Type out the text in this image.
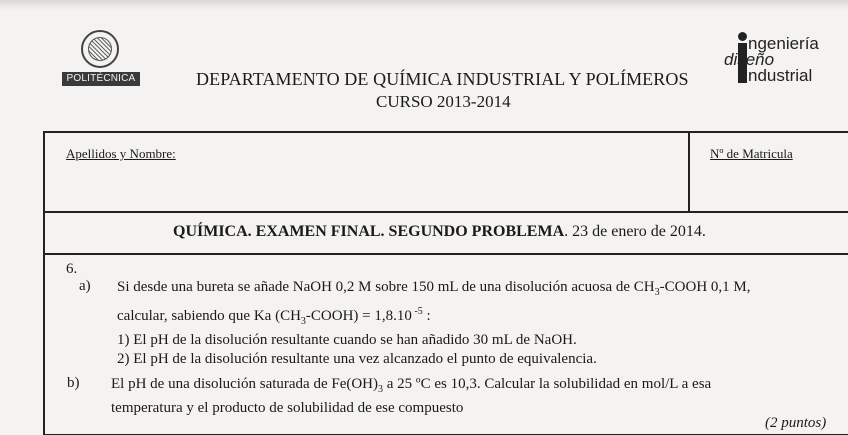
POLITÉCNICA	DEPARTAMENTO DE QUÍMICA INDUSTRIAL Y POLÍMEROS
CURSO 2013-2014
ngeniería
diseño
ndustrial
Apellidos y Nombre:	Nº de Matricula
QUÍMICA. EXAMEN FINAL. SEGUNDO PROBLEMA. 23 de enero de 2014.
6.
a) Si desde una bureta se añade NaOH 0,2 M sobre 150 mL de una disolución acuosa de $CH_3$-COOH 0,1 M,
calcular, sabiendo que Ka $(CH_3-COOH) = 1,8.10$ $^{-5}$ :
1) El pH de la disolución resultante cuando se han añadido 30 mL de NaOH.
2) El pH de la disolución resultante una vez alcanzado el punto de equivalencia.
b) El pH de una disolución saturada de $Fe(OH)_3$ a 25 ºC es 10,3. Calcular la solubilidad en mol/L a esa
temperatura y el producto de solubilidad de ese compuesto
(2 puntos)
